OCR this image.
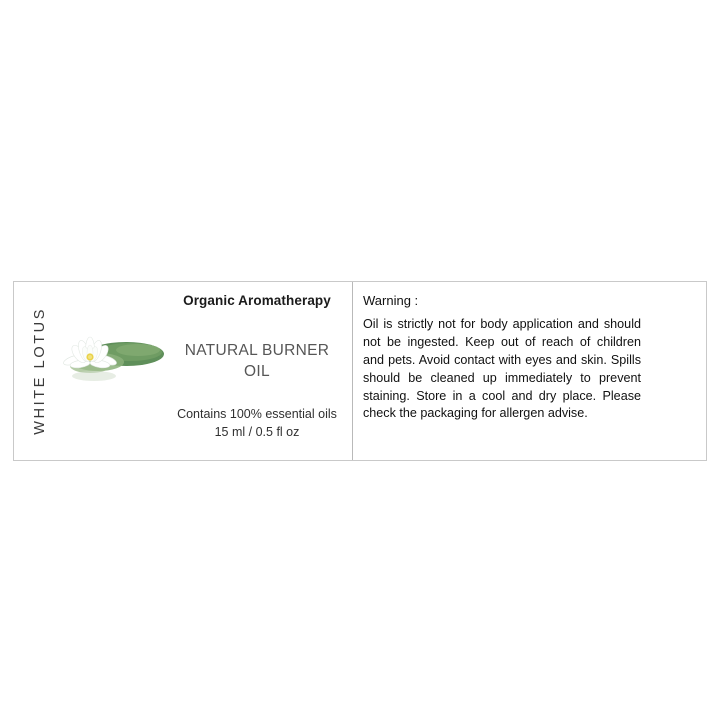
WHITE LOTUS
Organic Aromatherapy
NATURAL BURNER OIL
Contains 100% essential oils
15 ml / 0.5 fl oz
Warning :
Oil is strictly not for body application and should not be ingested. Keep out of reach of children and pets. Avoid contact with eyes and skin. Spills should be cleaned up immediately to prevent staining. Store in a cool and dry place. Please check the packaging for allergen advise.
